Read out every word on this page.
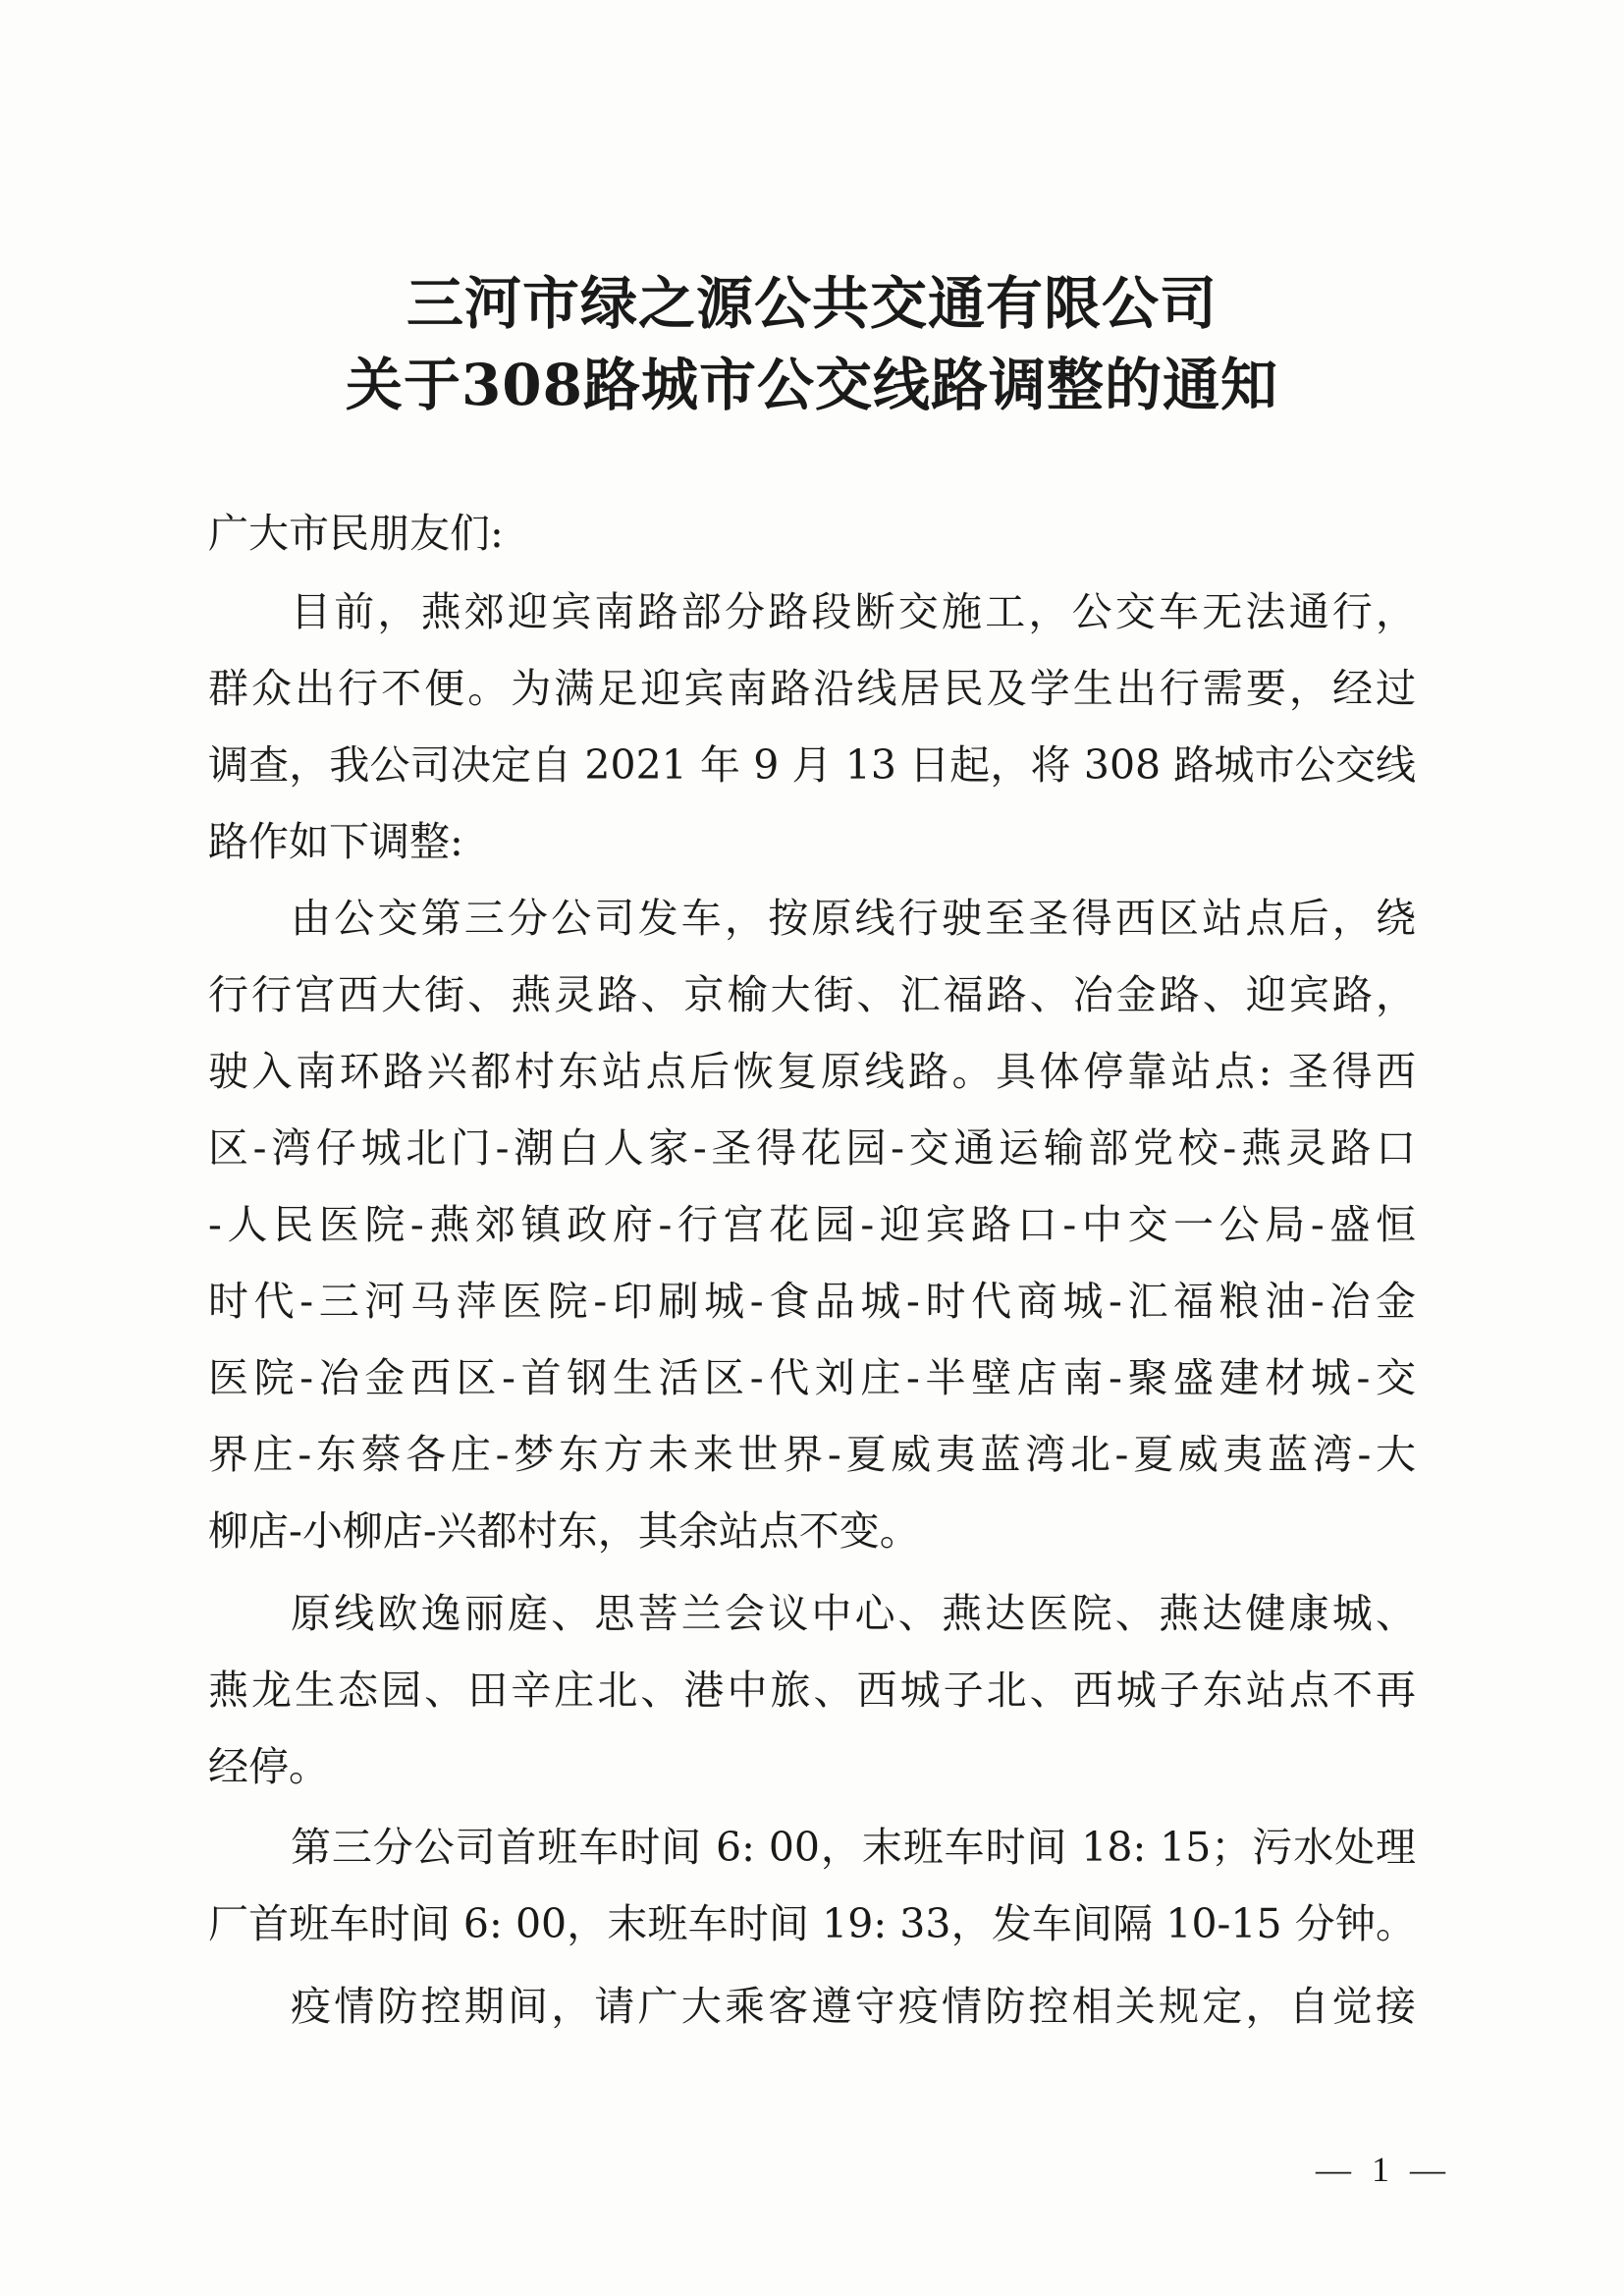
三河市绿之源公共交通有限公司
关于308路城市公交线路调整的通知
广大市民朋友们:
目前，燕郊迎宾南路部分路段断交施工，公交车无法通行，
群众出行不便。为满足迎宾南路沿线居民及学生出行需要，经过
调查，我公司决定自 2021 年 9 月 13 日起，将 308 路城市公交线
路作如下调整:
由公交第三分公司发车，按原线行驶至圣得西区站点后，绕
行行宫西大街、燕灵路、京榆大街、汇福路、冶金路、迎宾路，
驶入南环路兴都村东站点后恢复原线路。具体停靠站点: 圣得西
区-湾仔城北门-潮白人家-圣得花园-交通运输部党校-燕灵路口
-人民医院-燕郊镇政府-行宫花园-迎宾路口-中交一公局-盛恒
时代-三河马萍医院-印刷城-食品城-时代商城-汇福粮油-冶金
医院-冶金西区-首钢生活区-代刘庄-半壁店南-聚盛建材城-交
界庄-东蔡各庄-梦东方未来世界-夏威夷蓝湾北-夏威夷蓝湾-大
柳店-小柳店-兴都村东，其余站点不变。
原线欧逸丽庭、思菩兰会议中心、燕达医院、燕达健康城、
燕龙生态园、田辛庄北、港中旅、西城子北、西城子东站点不再
经停。
第三分公司首班车时间 6: 00，末班车时间 18: 15；污水处理
厂首班车时间 6: 00，末班车时间 19: 33，发车间隔 10-15 分钟。
疫情防控期间，请广大乘客遵守疫情防控相关规定，自觉接
— 1 —
